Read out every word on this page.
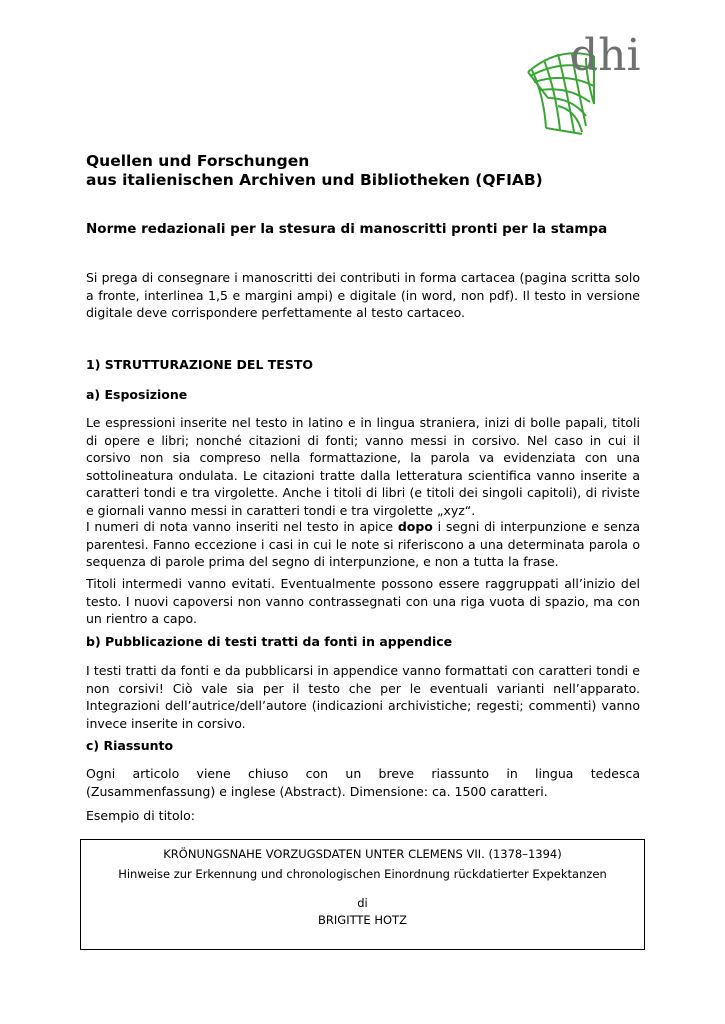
dhi
Quellen und Forschungen
aus italienischen Archiven und Bibliotheken (QFIAB)
Norme redazionali per la stesura di manoscritti pronti per la stampa

Si prega di consegnare i manoscritti dei contributi in forma cartacea (pagina scritta solo a fronte, interlinea 1,5 e margini ampi) e digitale (in word, non pdf). Il testo in versione digitale deve corrispondere perfettamente al testo cartaceo.

1) STRUTTURAZIONE DEL TESTO

a) Esposizione

Le espressioni inserite nel testo in latino e in lingua straniera, inizi di bolle papali, titoli di opere e libri; nonché citazioni di fonti; vanno messi in corsivo. Nel caso in cui il corsivo non sia compreso nella formattazione, la parola va evidenziata con una sottolineatura ondulata. Le citazioni tratte dalla letteratura scientifica vanno inserite a caratteri tondi e tra virgolette. Anche i titoli di libri (e titoli dei singoli capitoli), di riviste e giornali vanno messi in caratteri tondi e tra virgolette „xyz“.

I numeri di nota vanno inseriti nel testo in apice dopo i segni di interpunzione e senza parentesi. Fanno eccezione i casi in cui le note si riferiscono a una determinata parola o sequenza di parole prima del segno di interpunzione, e non a tutta la frase.

Titoli intermedi vanno evitati. Eventualmente possono essere raggruppati all’inizio del testo. I nuovi capoversi non vanno contrassegnati con una riga vuota di spazio, ma con un rientro a capo.

b) Pubblicazione di testi tratti da fonti in appendice

I testi tratti da fonti e da pubblicarsi in appendice vanno formattati con caratteri tondi e non corsivi! Ciò vale sia per il testo che per le eventuali varianti nell’apparato. Integrazioni dell’autrice/dell’autore (indicazioni archivistiche; regesti; commenti) vanno invece inserite in corsivo.

c) Riassunto

Ogni articolo viene chiuso con un breve riassunto in lingua tedesca (Zusammenfassung) e inglese (Abstract). Dimensione: ca. 1500 caratteri.

Esempio di titolo:

KRÖNUNGSNAHE VORZUGSDATEN UNTER CLEMENS VII. (1378–1394)
Hinweise zur Erkennung und chronologischen Einordnung rückdatierter Expektanzen
di
BRIGITTE HOTZ
